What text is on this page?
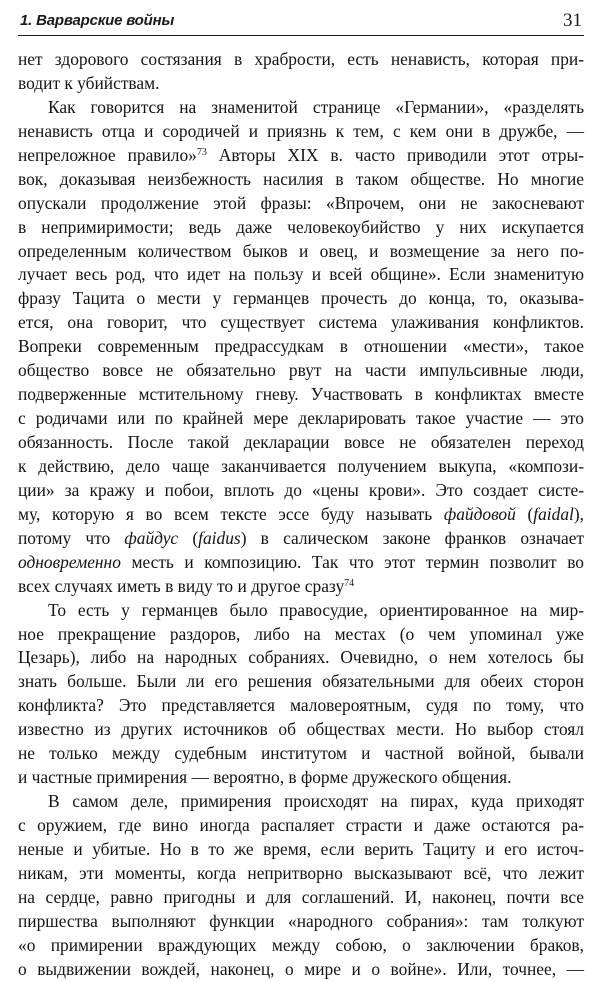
1. Варварские войны	31
нет здорового состязания в храбрости, есть ненависть, которая при-
водит к убийствам.
Как говорится на знаменитой странице «Германии», «разделять
ненависть отца и сородичей и приязнь к тем, с кем они в дружбе, —
непреложное правило»$^{73}$ Авторы XIX в. часто приводили этот отры-
вок, доказывая неизбежность насилия в таком обществе. Но многие
опускали продолжение этой фразы: «Впрочем, они не закосневают
в непримиримости; ведь даже человекоубийство у них искупается
определенным количеством быков и овец, и возмещение за него по-
лучает весь род, что идет на пользу и всей общине». Если знаменитую
фразу Тацита о мести у германцев прочесть до конца, то, оказыва-
ется, она говорит, что существует система улаживания конфликтов.
Вопреки современным предрассудкам в отношении «мести», такое
общество вовсе не обязательно рвут на части импульсивные люди,
подверженные мстительному гневу. Участвовать в конфликтах вместе
с родичами или по крайней мере декларировать такое участие — это
обязанность. После такой декларации вовсе не обязателен переход
к действию, дело чаще заканчивается получением выкупа, «компози-
ции» за кражу и побои, вплоть до «цены крови». Это создает систе-
му, которую я во всем тексте эссе буду называть файдовой (faidal),
потому что файдус (faidus) в салическом законе франков означает
одновременно месть и композицию. Так что этот термин позволит во
всех случаях иметь в виду то и другое сразу$^{74}$
То есть у германцев было правосудие, ориентированное на мир-
ное прекращение раздоров, либо на местах (о чем упоминал уже
Цезарь), либо на народных собраниях. Очевидно, о нем хотелось бы
знать больше. Были ли его решения обязательными для обеих сторон
конфликта? Это представляется маловероятным, судя по тому, что
известно из других источников об обществах мести. Но выбор стоял
не только между судебным институтом и частной войной, бывали
и частные примирения — вероятно, в форме дружеского общения.
В самом деле, примирения происходят на пирах, куда приходят
с оружием, где вино иногда распаляет страсти и даже остаются ра-
неные и убитые. Но в то же время, если верить Тациту и его источ-
никам, эти моменты, когда непритворно высказывают всё, что лежит
на сердце, равно пригодны и для соглашений. И, наконец, почти все
пиршества выполняют функции «народного собрания»: там толкуют
«о примирении враждующих между собою, о заключении браков,
о выдвижении вождей, наконец, о мире и о войне». Или, точнее, —
